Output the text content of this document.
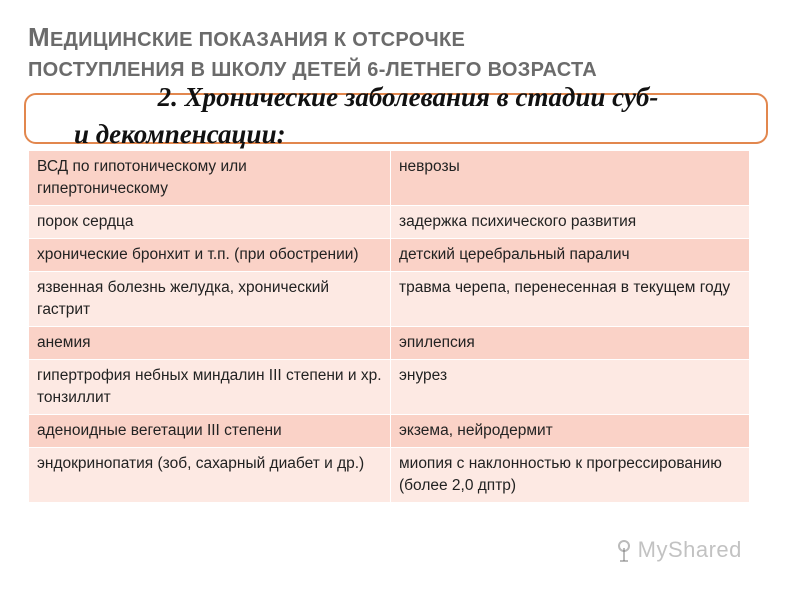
МЕДИЦИНСКИЕ ПОКАЗАНИЯ К ОТСРОЧКЕ
ПОСТУПЛЕНИЯ В ШКОЛУ ДЕТЕЙ 6-ЛЕТНЕГО ВОЗРАСТА
2. Хронические заболевания в стадии суб-
и декомпенсации:
ВСД по гипотоническому или гипертоническому	неврозы
порок сердца	задержка психического развития
хронические бронхит и т.п. (при обострении)	детский церебральный паралич
язвенная болезнь желудка, хронический гастрит	травма черепа, перенесенная в текущем году
анемия	эпилепсия
гипертрофия небных миндалин III степени и хр. тонзиллит	энурез
аденоидные вегетации III степени	экзема, нейродермит
эндокринопатия (зоб, сахарный диабет и др.)	миопия с наклонностью к прогрессированию (более 2,0 дптр)
MyShared
